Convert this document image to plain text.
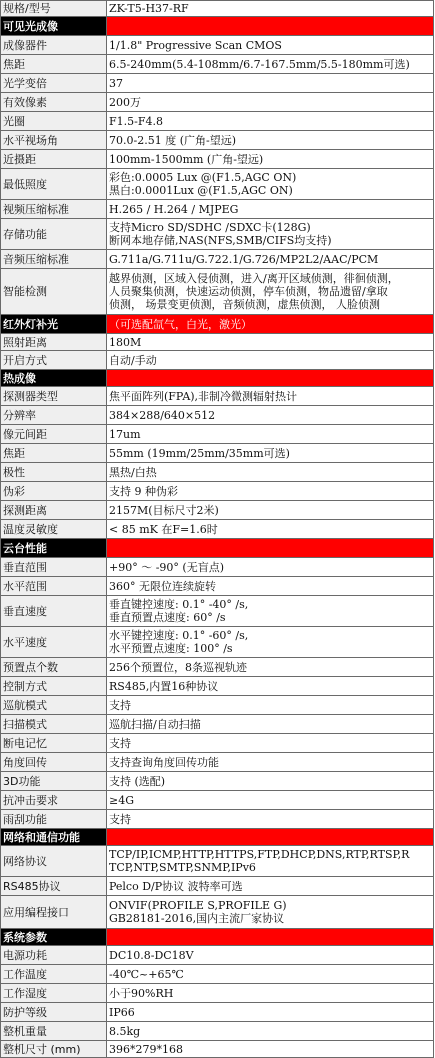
规格/型号	ZK-T5-H37-RF

可见光成像	
成像器件	1/1.8" Progressive Scan CMOS

焦距	6.5-240mm(5.4-108mm/6.7-167.5mm/5.5-180mm可选)

光学变倍	37

有效像素	200万

光圈	F1.5-F4.8

水平视场角	70.0-2.51 度 (广角-望远)

近摄距	100mm-1500mm (广角-望远)

最低照度	彩色:0.0005 Lux @(F1.5,AGC ON)
黑白:0.0001Lux @(F1.5,AGC ON)

视频压缩标准	H.265 / H.264 / MJPEG

存储功能	支持Micro SD/SDHC /SDXC卡(128G)
断网本地存储,NAS(NFS,SMB/CIFS均支持)

音频压缩标准	G.711a/G.711u/G.722.1/G.726/MP2L2/AAC/PCM

智能检测	越界侦测，区域入侵侦测，进入/离开区域侦测，徘徊侦测，
人员聚集侦测，快速运动侦测，停车侦测，物品遗留/拿取
侦测， 场景变更侦测，音频侦测，虚焦侦测， 人脸侦测

红外灯补光	（可选配氙气，白光，激光）
照射距离	180M

开启方式	自动/手动

热成像	
探测器类型	焦平面阵列(FPA),非制冷微测辐射热计

分辨率	384×288/640×512

像元间距	17um

焦距	55mm (19mm/25mm/35mm可选)

极性	黑热/白热

伪彩	支持 9 种伪彩

探测距离	2157M(目标尺寸2米)

温度灵敏度	< 85 mK 在F=1.6时

云台性能	
垂直范围	+90° ～ -90° (无盲点)

水平范围	360° 无限位连续旋转

垂直速度	垂直键控速度: 0.1° -40° /s,
垂直预置点速度: 60° /s

水平速度	水平键控速度: 0.1° -60° /s,
水平预置点速度: 100° /s

预置点个数	256个预置位，8条巡视轨迹

控制方式	RS485,内置16种协议

巡航模式	支持

扫描模式	巡航扫描/自动扫描

断电记忆	支持

角度回传	支持查询角度回传功能

3D功能	支持 (选配)

抗冲击要求	≥4G

雨刮功能	支持

网络和通信功能	
网络协议	TCP/IP,ICMP,HTTP,HTTPS,FTP,DHCP,DNS,RTP,RTSP,R
TCP,NTP,SMTP,SNMP,IPv6

RS485协议	Pelco D/P协议 波特率可选

应用编程接口	ONVIF(PROFILE S,PROFILE G)
GB28181-2016,国内主流厂家协议

系统参数	
电源功耗	DC10.8-DC18V

工作温度	-40℃~+65℃

工作湿度	小于90%RH

防护等级	IP66

整机重量	8.5kg

整机尺寸 (mm)	396*279*168
